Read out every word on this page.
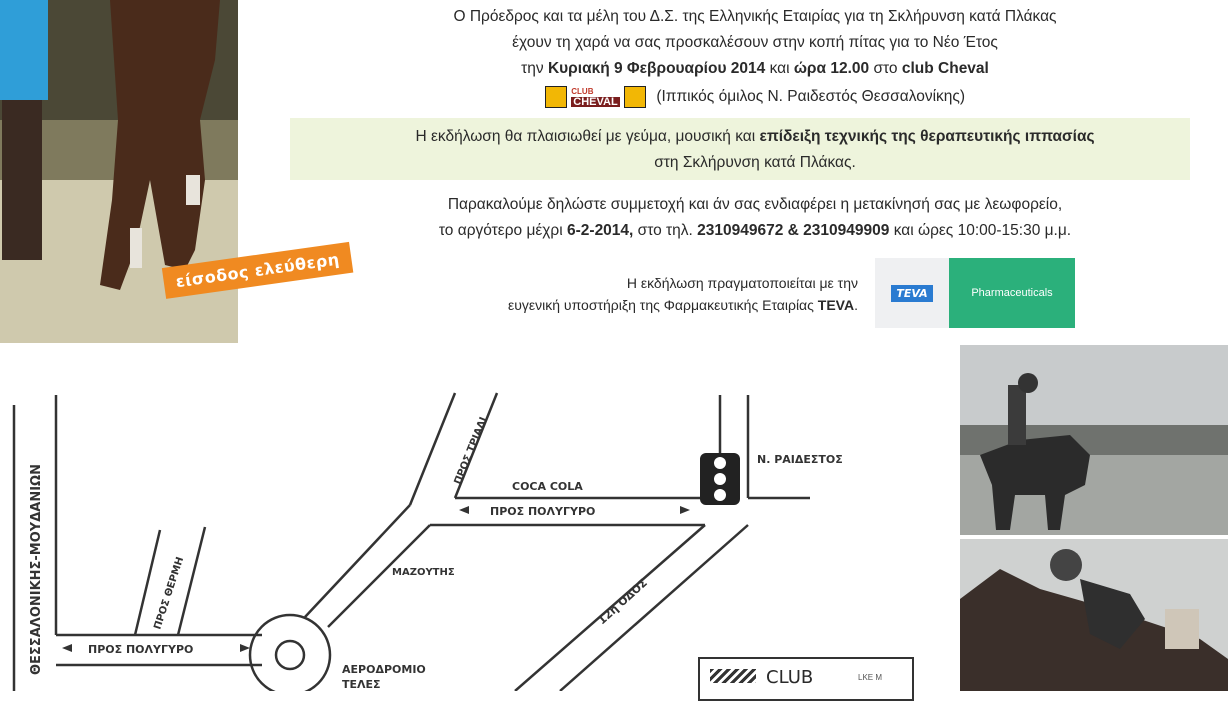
Ο Πρόεδρος και τα μέλη του Δ.Σ. της Ελληνικής Εταιρίας για τη Σκλήρυνση κατά Πλάκας
έχουν τη χαρά να σας προσκαλέσουν στην κοπή πίτας για το Νέο Έτος
την Κυριακή 9 Φεβρουαρίου 2014 και ώρα 12.00 στο club Cheval

CLUB
CHEVAL (Ιππικός όμιλος Ν. Ραιδεστός Θεσσαλονίκης)
Η εκδήλωση θα πλαισιωθεί με γεύμα, μουσική και επίδειξη τεχνικής της θεραπευτικής ιππασίας
στη Σκλήρυνση κατά Πλάκας.
Παρακαλούμε δηλώστε συμμετοχή και άν σας ενδιαφέρει η μετακίνησή σας με λεωφορείο,
το αργότερο μέχρι 6-2-2014, στο τηλ. 2310949672 & 2310949909 και ώρες 10:00-15:30 μ.μ.
είσοδος ελεύθερη	Η εκδήλωση πραγματοποιείται με την
ευγενική υποστήριξη της Φαρμακευτικής Εταιρίας TEVA.
TEVA	Pharmaceuticals
ΘΕΣΣΑΛΟΝΙΚΗΣ-ΜΟΥΔΑΝΙΩΝ	ΠΡΟΣ ΠΟΛΥΓΥΡΟ
ΠΡΟΣ ΘΕΡΜΗ
ΠΡΟΣ ΤΡΙΑΔΙ
COCA COLA
ΠΡΟΣ ΠΟΛΥΓΥΡΟ
Ν. ΡΑΙΔΕΣΤΟΣ
ΜΑΖΟΥΤΗΣ
12η ΟΔΟΣ
ΑΕΡΟΔΡΟΜΙΟ
ΤΕΛΕΣ	CLUB	LKE M
